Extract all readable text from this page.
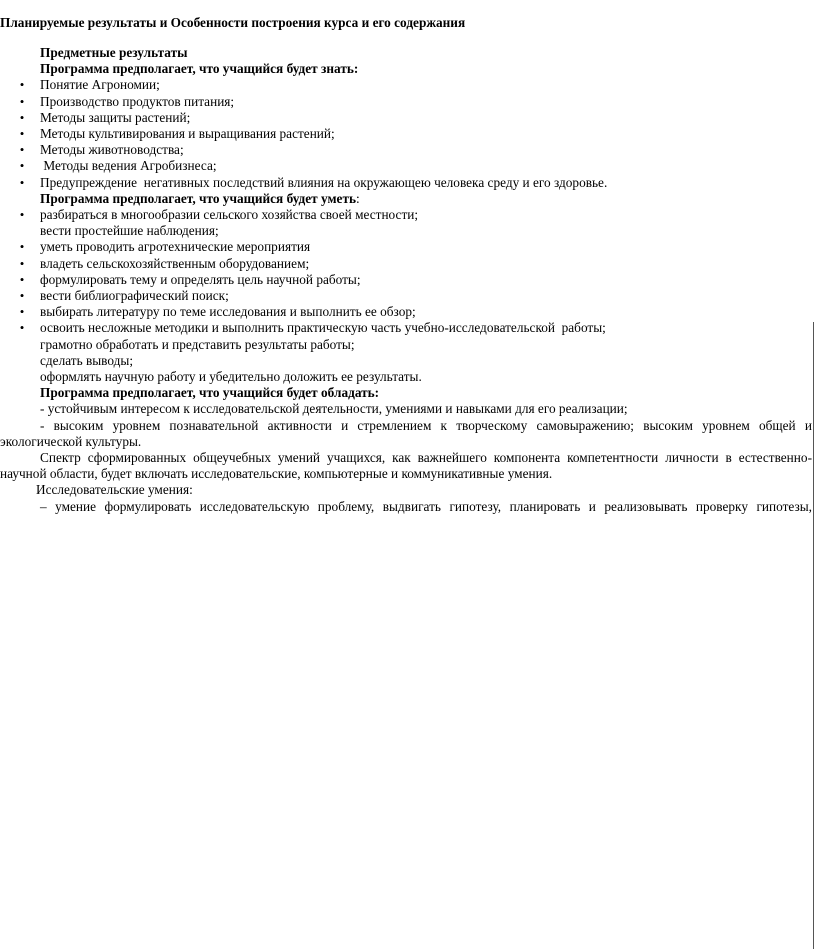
Планируемые результаты и Особенности построения курса и его содержания
Предметные результаты
Программа предполагает, что учащийся будет знать:
• Понятие Агрономии;
• Производство продуктов питания;
• Методы защиты растений;
• Методы культивирования и выращивания растений;
• Методы животноводства;
• Методы ведения Агробизнеса;
• Предупреждение  негативных последствий влияния на окружающею человека среду и его здоровье.
Программа предполагает, что учащийся будет уметь:
• разбираться в многообразии сельского хозяйства своей местности;
вести простейшие наблюдения;
• уметь проводить агротехнические мероприятия
• владеть сельскохозяйственным оборудованием;
• формулировать тему и определять цель научной работы;
• вести библиографический поиск;
• выбирать литературу по теме исследования и выполнить ее обзор;
• освоить несложные методики и выполнить практическую часть учебно-исследовательской  работы;
грамотно обработать и представить результаты работы;
сделать выводы;
оформлять научную работу и убедительно доложить ее результаты.
Программа предполагает, что учащийся будет обладать:
- устойчивым интересом к исследовательской деятельности, умениями и навыками для его реализации;
- высоким уровнем познавательной активности и стремлением к творческому самовыражению; высоким уровнем общей и экологической культуры.
Спектр сформированных общеучебных умений учащихся, как важнейшего компонента компетентности личности в естественно-научной области, будет включать исследовательские, компьютерные и коммуникативные умения.
Исследовательские умения:
– умение формулировать исследовательскую проблему, выдвигать гипотезу, планировать и реализовывать проверку гипотезы,
